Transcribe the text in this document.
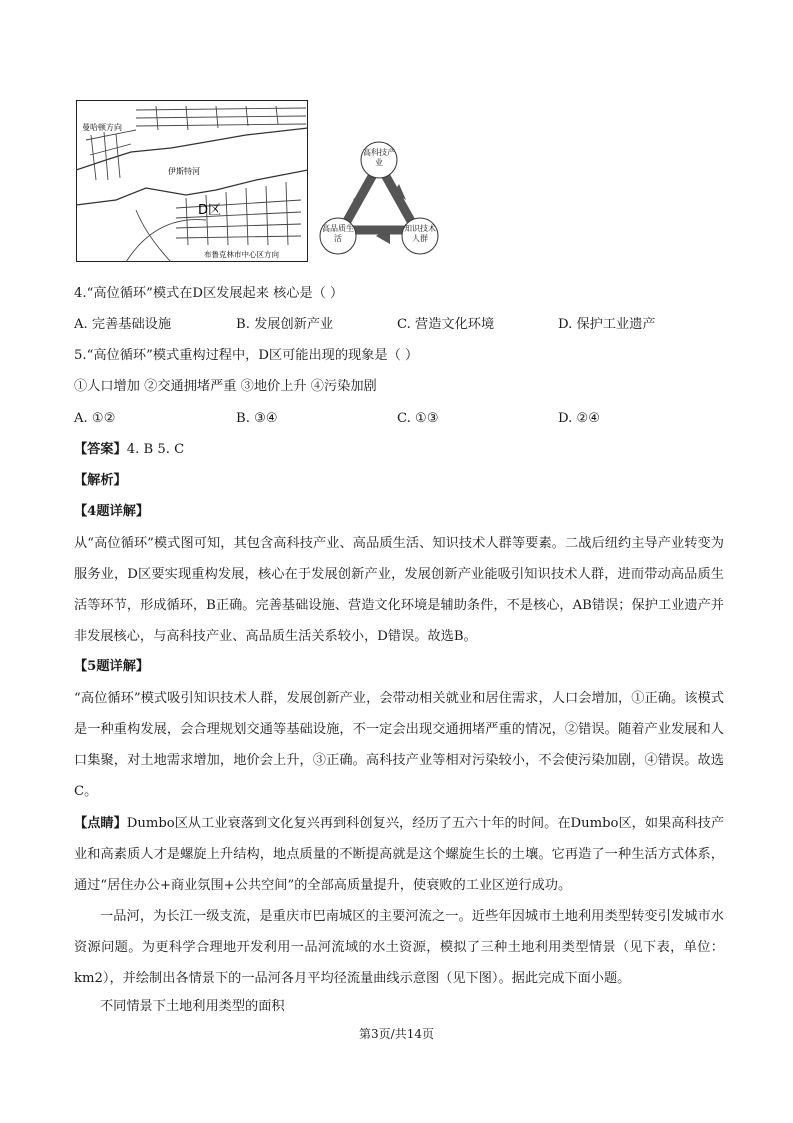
曼哈顿方向
伊斯特河
D区
布鲁克林市中心区方向
高科技产业
高品质生活
知识技术人群
4.“高位循环”模式在D区发展起来 核心是（ ）
A. 完善基础设施	B. 发展创新产业	C. 营造文化环境	D. 保护工业遗产
5.“高位循环”模式重构过程中，D区可能出现的现象是（ ）
①人口增加 ②交通拥堵严重 ③地价上升 ④污染加剧
A. ①②	B. ③④	C. ①③	D. ②④
【答案】4. B 5. C
【解析】
【4题详解】
从“高位循环”模式图可知，其包含高科技产业、高品质生活、知识技术人群等要素。二战后纽约主导产业转变为服务业，D区要实现重构发展，核心在于发展创新产业，发展创新产业能吸引知识技术人群，进而带动高品质生活等环节，形成循环，B正确。完善基础设施、营造文化环境是辅助条件，不是核心，AB错误；保护工业遗产并非发展核心，与高科技产业、高品质生活关系较小，D错误。故选B。
【5题详解】
“高位循环”模式吸引知识技术人群，发展创新产业，会带动相关就业和居住需求，人口会增加，①正确。该模式是一种重构发展，会合理规划交通等基础设施，不一定会出现交通拥堵严重的情况，②错误。随着产业发展和人口集聚，对土地需求增加，地价会上升，③正确。高科技产业等相对污染较小，不会使污染加剧，④错误。故选C。
【点睛】Dumbo区从工业衰落到文化复兴再到科创复兴，经历了五六十年的时间。在Dumbo区，如果高科技产业和高素质人才是螺旋上升结构，地点质量的不断提高就是这个螺旋生长的土壤。它再造了一种生活方式体系，通过“居住办公+商业氛围+公共空间”的全部高质量提升，使衰败的工业区逆行成功。
一品河，为长江一级支流，是重庆市巴南城区的主要河流之一。近些年因城市土地利用类型转变引发城市水资源问题。为更科学合理地开发利用一品河流域的水土资源，模拟了三种土地利用类型情景（见下表，单位：km2），并绘制出各情景下的一品河各月平均径流量曲线示意图（见下图）。据此完成下面小题。
不同情景下土地利用类型的面积
第3页/共14页
